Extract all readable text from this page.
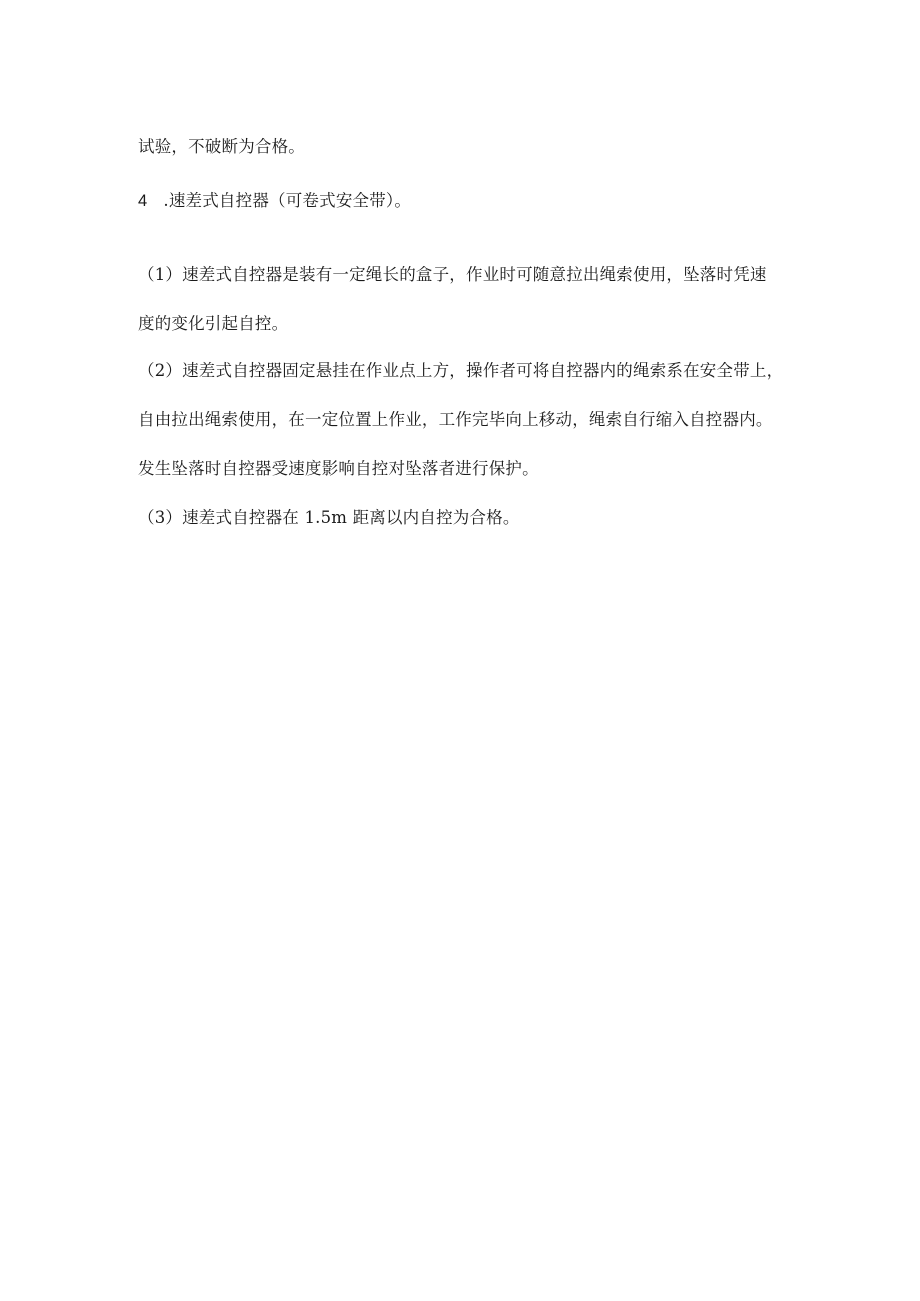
试验，不破断为合格。
4 .速差式自控器（可卷式安全带）。
（1）速差式自控器是装有一定绳长的盒子，作业时可随意拉出绳索使用，坠落时凭速
度的变化引起自控。
（2）速差式自控器固定悬挂在作业点上方，操作者可将自控器内的绳索系在安全带上，
自由拉出绳索使用，在一定位置上作业，工作完毕向上移动，绳索自行缩入自控器内。
发生坠落时自控器受速度影响自控对坠落者进行保护。
（3）速差式自控器在 1.5m 距离以内自控为合格。
